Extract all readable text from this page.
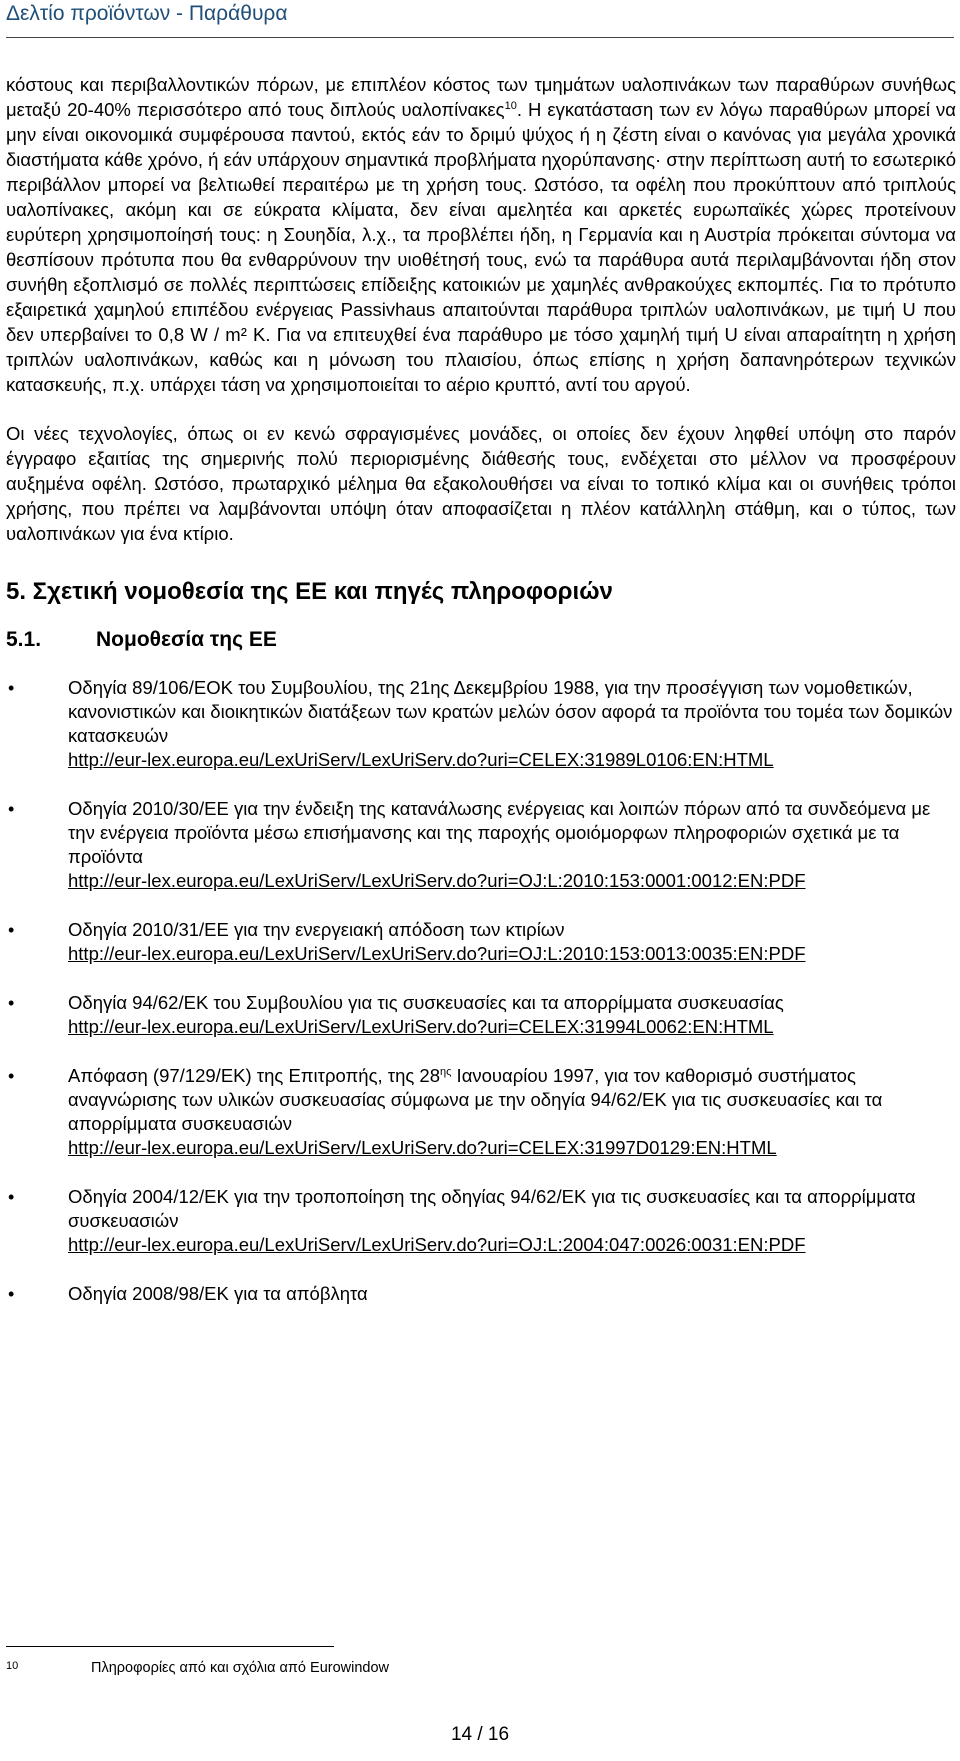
Δελτίο προϊόντων - Παράθυρα

κόστους και περιβαλλοντικών πόρων, με επιπλέον κόστος των τμημάτων υαλοπινάκων των παραθύρων συνήθως μεταξύ 20-40% περισσότερο από τους διπλούς υαλοπίνακες$^{10}$. Η εγκατάσταση των εν λόγω παραθύρων μπορεί να μην είναι οικονομικά συμφέρουσα παντού, εκτός εάν το δριμύ ψύχος ή η ζέστη είναι ο κανόνας για μεγάλα χρονικά διαστήματα κάθε χρόνο, ή εάν υπάρχουν σημαντικά προβλήματα ηχορύπανσης· στην περίπτωση αυτή το εσωτερικό περιβάλλον μπορεί να βελτιωθεί περαιτέρω με τη χρήση τους. Ωστόσο, τα οφέλη που προκύπτουν από τριπλούς υαλοπίνακες, ακόμη και σε εύκρατα κλίματα, δεν είναι αμελητέα και αρκετές ευρωπαϊκές χώρες προτείνουν ευρύτερη χρησιμοποίησή τους: η Σουηδία, λ.χ., τα προβλέπει ήδη, η Γερμανία και η Αυστρία πρόκειται σύντομα να θεσπίσουν πρότυπα που θα ενθαρρύνουν την υιοθέτησή τους, ενώ τα παράθυρα αυτά περιλαμβάνονται ήδη στον συνήθη εξοπλισμό σε πολλές περιπτώσεις επίδειξης κατοικιών με χαμηλές ανθρακούχες εκπομπές. Για το πρότυπο εξαιρετικά χαμηλού επιπέδου ενέργειας Passivhaus απαιτούνται παράθυρα τριπλών υαλοπινάκων, με τιμή U που δεν υπερβαίνει το 0,8 W / m² K. Για να επιτευχθεί ένα παράθυρο με τόσο χαμηλή τιμή U είναι απαραίτητη η χρήση τριπλών υαλοπινάκων, καθώς και η μόνωση του πλαισίου, όπως επίσης η χρήση δαπανηρότερων τεχνικών κατασκευής, π.χ. υπάρχει τάση να χρησιμοποιείται το αέριο κρυπτό, αντί του αργού.

Οι νέες τεχνολογίες, όπως οι εν κενώ σφραγισμένες μονάδες, οι οποίες δεν έχουν ληφθεί υπόψη στο παρόν έγγραφο εξαιτίας της σημερινής πολύ περιορισμένης διάθεσής τους, ενδέχεται στο μέλλον να προσφέρουν αυξημένα οφέλη. Ωστόσο, πρωταρχικό μέλημα θα εξακολουθήσει να είναι το τοπικό κλίμα και οι συνήθεις τρόποι χρήσης, που πρέπει να λαμβάνονται υπόψη όταν αποφασίζεται η πλέον κατάλληλη στάθμη, και ο τύπος, των υαλοπινάκων για ένα κτίριο.

5. Σχετική νομοθεσία της ΕΕ και πηγές πληροφοριών
5.1.	Νομοθεσία της ΕΕ
•	Οδηγία 89/106/ΕΟΚ του Συμβουλίου, της 21ης Δεκεμβρίου 1988, για την προσέγγιση των νομοθετικών, κανονιστικών και διοικητικών διατάξεων των κρατών μελών όσον αφορά τα προϊόντα του τομέα των δομικών κατασκευών
http://eur-lex.europa.eu/LexUriServ/LexUriServ.do?uri=CELEX:31989L0106:EN:HTML
•	Οδηγία 2010/30/ΕΕ για την ένδειξη της κατανάλωσης ενέργειας και λοιπών πόρων από τα συνδεόμενα με την ενέργεια προϊόντα μέσω επισήμανσης και της παροχής ομοιόμορφων πληροφοριών σχετικά με τα προϊόντα
http://eur-lex.europa.eu/LexUriServ/LexUriServ.do?uri=OJ:L:2010:153:0001:0012:EN:PDF
•	Οδηγία 2010/31/ΕΕ για την ενεργειακή απόδοση των κτιρίων
http://eur-lex.europa.eu/LexUriServ/LexUriServ.do?uri=OJ:L:2010:153:0013:0035:EN:PDF
•	Οδηγία 94/62/ΕΚ του Συμβουλίου για τις συσκευασίες και τα απορρίμματα συσκευασίας
http://eur-lex.europa.eu/LexUriServ/LexUriServ.do?uri=CELEX:31994L0062:EN:HTML
•	Απόφαση (97/129/ΕΚ) της Επιτροπής, της $28^{\eta\varsigma}$ Ιανουαρίου 1997, για τον καθορισμό συστήματος αναγνώρισης των υλικών συσκευασίας σύμφωνα με την οδηγία 94/62/ΕΚ για τις συσκευασίες και τα απορρίμματα συσκευασιών
http://eur-lex.europa.eu/LexUriServ/LexUriServ.do?uri=CELEX:31997D0129:EN:HTML
•	Οδηγία 2004/12/ΕΚ για την τροποποίηση της οδηγίας 94/62/ΕΚ για τις συσκευασίες και τα απορρίμματα συσκευασιών
http://eur-lex.europa.eu/LexUriServ/LexUriServ.do?uri=OJ:L:2004:047:0026:0031:EN:PDF
•	Οδηγία 2008/98/ΕΚ για τα απόβλητα
10	Πληροφορίες από και σχόλια από Eurowindow
14 / 16
